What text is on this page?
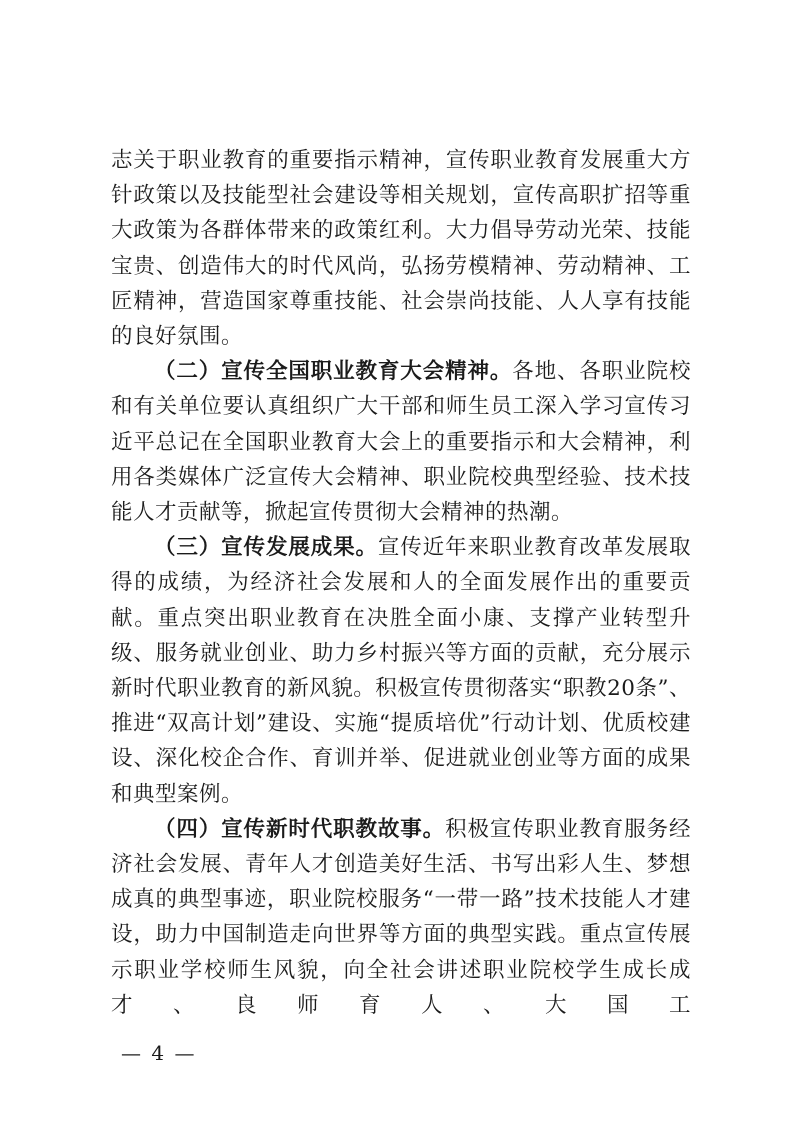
志关于职业教育的重要指示精神，宣传职业教育发展重大方针政策以及技能型社会建设等相关规划，宣传高职扩招等重大政策为各群体带来的政策红利。大力倡导劳动光荣、技能宝贵、创造伟大的时代风尚，弘扬劳模精神、劳动精神、工匠精神，营造国家尊重技能、社会崇尚技能、人人享有技能的良好氛围。

（二）宣传全国职业教育大会精神。各地、各职业院校和有关单位要认真组织广大干部和师生员工深入学习宣传习近平总记在全国职业教育大会上的重要指示和大会精神，利用各类媒体广泛宣传大会精神、职业院校典型经验、技术技能人才贡献等，掀起宣传贯彻大会精神的热潮。

（三）宣传发展成果。宣传近年来职业教育改革发展取得的成绩，为经济社会发展和人的全面发展作出的重要贡献。重点突出职业教育在决胜全面小康、支撑产业转型升级、服务就业创业、助力乡村振兴等方面的贡献，充分展示新时代职业教育的新风貌。积极宣传贯彻落实“职教20条”、推进“双高计划”建设、实施“提质培优”行动计划、优质校建设、深化校企合作、育训并举、促进就业创业等方面的成果和典型案例。

（四）宣传新时代职教故事。积极宣传职业教育服务经济社会发展、青年人才创造美好生活、书写出彩人生、梦想成真的典型事迹，职业院校服务“一带一路”技术技能人才建设，助力中国制造走向世界等方面的典型实践。重点宣传展示职业学校师生风貌，向全社会讲述职业院校学生成长成才、良师育人、大国工

— 4 —
